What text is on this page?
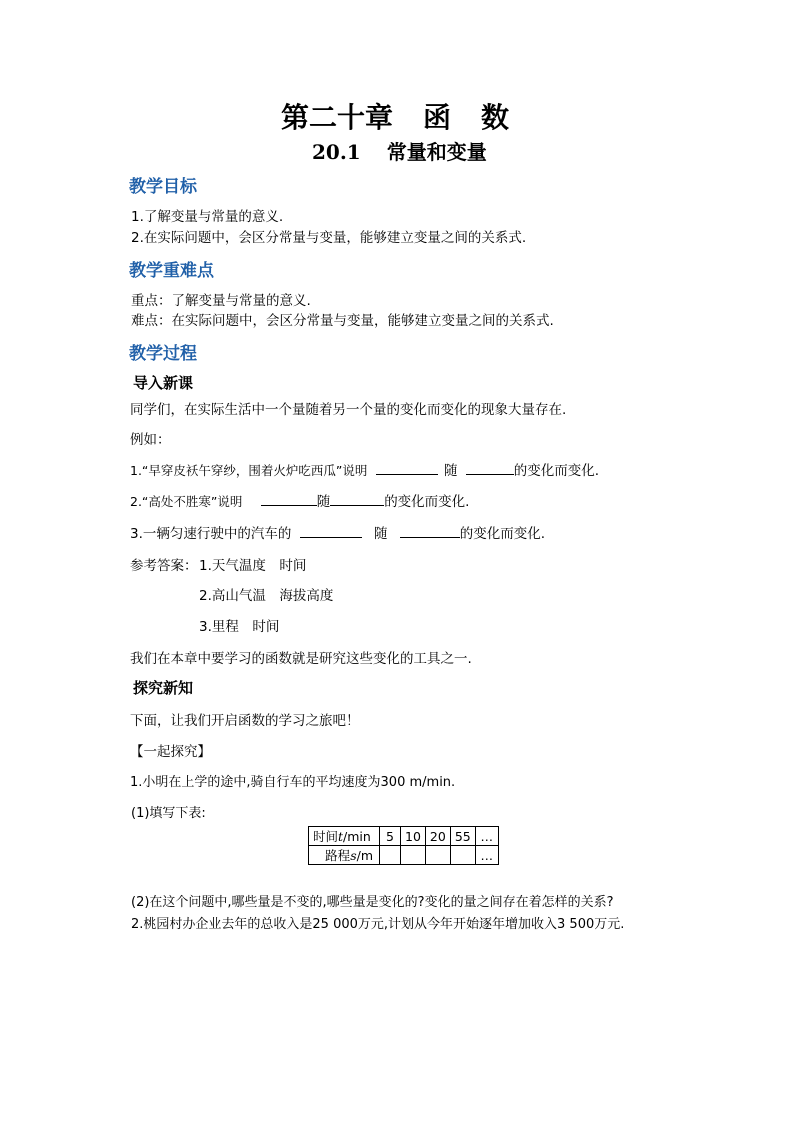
第二十章 函 数
20.1 常量和变量
教学目标
1.了解变量与常量的意义.
2.在实际问题中，会区分常量与变量，能够建立变量之间的关系式.
教学重难点
重点：了解变量与常量的意义.
难点：在实际问题中，会区分常量与变量，能够建立变量之间的关系式.
教学过程
导入新课
同学们，在实际生活中一个量随着另一个量的变化而变化的现象大量存在.
例如：
1.“早穿皮袄午穿纱，围着火炉吃西瓜”说明	随	的变化而变化.
2.“高处不胜寒”说明	随	的变化而变化.
3.一辆匀速行驶中的汽车的	随	的变化而变化.
参考答案： 1.天气温度　时间
2.高山气温　海拔高度
3.里程　时间
我们在本章中要学习的函数就是研究这些变化的工具之一.
探究新知
下面，让我们开启函数的学习之旅吧！
【一起探究】
1.小明在上学的途中,骑自行车的平均速度为300 m/min.
(1)填写下表:
时间t/min	5	10	20	55	…
路程s/m					…
(2)在这个问题中,哪些量是不变的,哪些量是变化的?变化的量之间存在着怎样的关系?
2.桃园村办企业去年的总收入是25 000万元,计划从今年开始逐年增加收入3 500万元.
